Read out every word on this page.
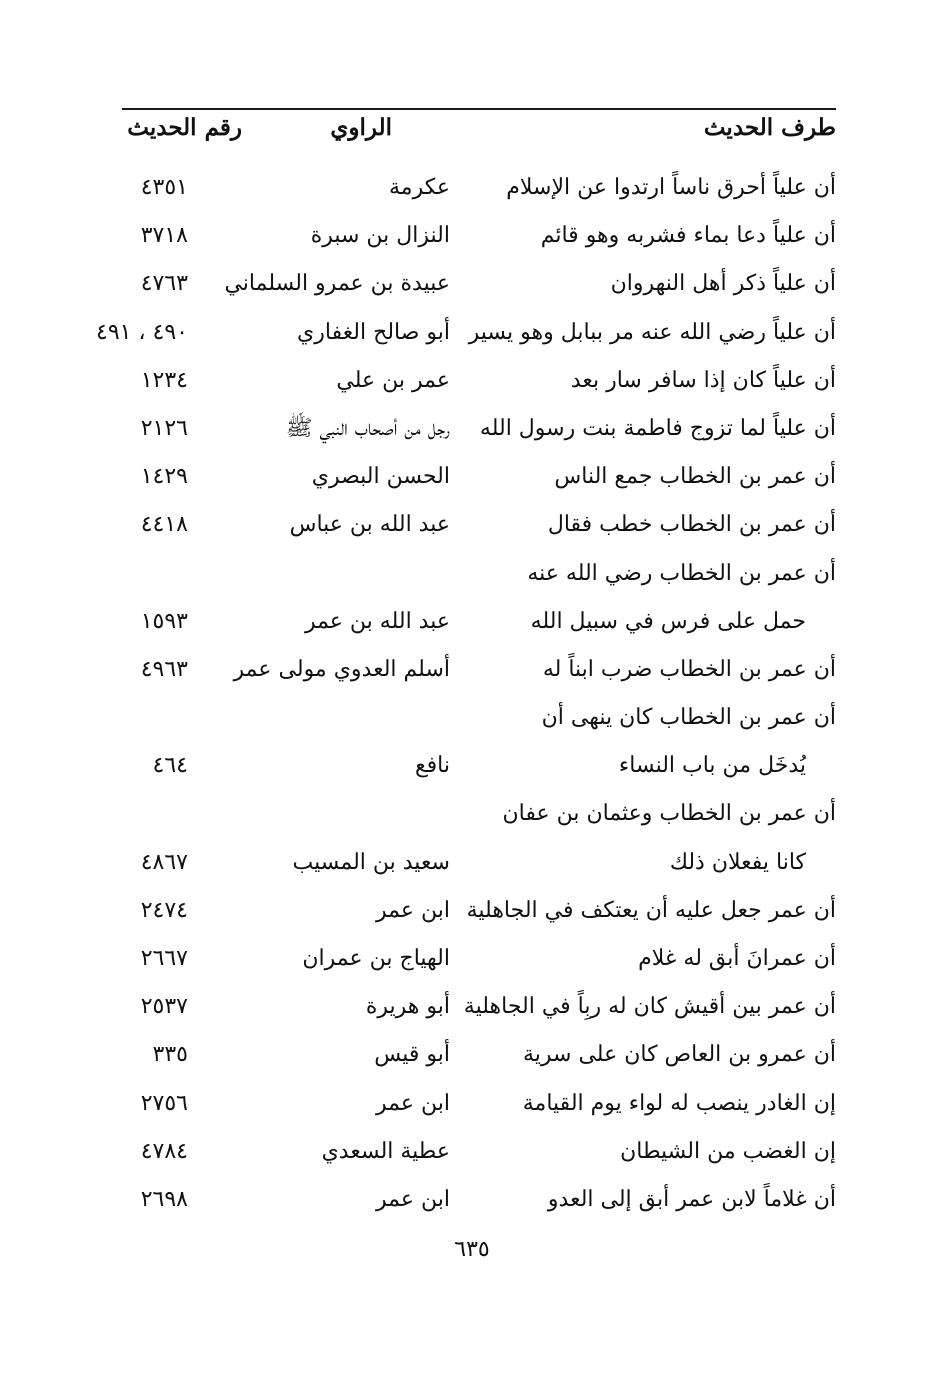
طرف الحديث
الراوي
رقم الحديث
أن علياً أحرق ناساً ارتدوا عن الإسلام
عكرمة
٤٣٥١
أن علياً دعا بماء فشربه وهو قائم
النزال بن سبرة
٣٧١٨
أن علياً ذكر أهل النهروان
عبيدة بن عمرو السلماني
٤٧٦٣
أن علياً رضي الله عنه مر ببابل وهو يسير
أبو صالح الغفاري
٤٩٠ ، ٤٩١
أن علياً كان إذا سافر سار بعد
عمر بن علي
١٢٣٤
أن علياً لما تزوج فاطمة بنت رسول الله
رجل من أصحاب النبي ﷺ
٢١٢٦
أن عمر بن الخطاب جمع الناس
الحسن البصري
١٤٢٩
أن عمر بن الخطاب خطب فقال
عبد الله بن عباس
٤٤١٨
أن عمر بن الخطاب رضي الله عنه
حمل على فرس في سبيل الله
عبد الله بن عمر
١٥٩٣
أن عمر بن الخطاب ضرب ابناً له
أسلم العدوي مولى عمر
٤٩٦٣
أن عمر بن الخطاب كان ينهى أن
يُدخَل من باب النساء
نافع
٤٦٤
أن عمر بن الخطاب وعثمان بن عفان
كانا يفعلان ذلك
سعيد بن المسيب
٤٨٦٧
أن عمر جعل عليه أن يعتكف في الجاهلية
ابن عمر
٢٤٧٤
أن عمرانَ أبق له غلام
الهياج بن عمران
٢٦٦٧
أن عمر بين أقيش كان له ربِاً في الجاهلية
أبو هريرة
٢٥٣٧
أن عمرو بن العاص كان على سرية
أبو قيس
٣٣٥
إن الغادر ينصب له لواء يوم القيامة
ابن عمر
٢٧٥٦
إن الغضب من الشيطان
عطية السعدي
٤٧٨٤
أن غلاماً لابن عمر أبق إلى العدو
ابن عمر
٢٦٩٨
٦٣٥
